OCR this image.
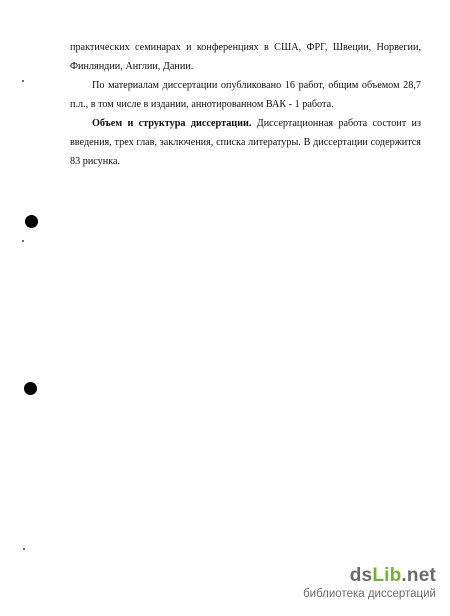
практических семинарах и конференциях в США, ФРГ, Швеции, Норвегии, Финляндии, Англии, Дании.

По материалам диссертации опубликовано 16 работ, общим объемом 28,7 п.л., в том числе в издании, аннотированном ВАК - 1 работа.

Объем и структура диссертации. Диссертационная работа состоит из введения, трех глав, заключения, списка литературы. В диссертации содержится 83 рисунка.

dsLib.net
библиотека диссертаций
